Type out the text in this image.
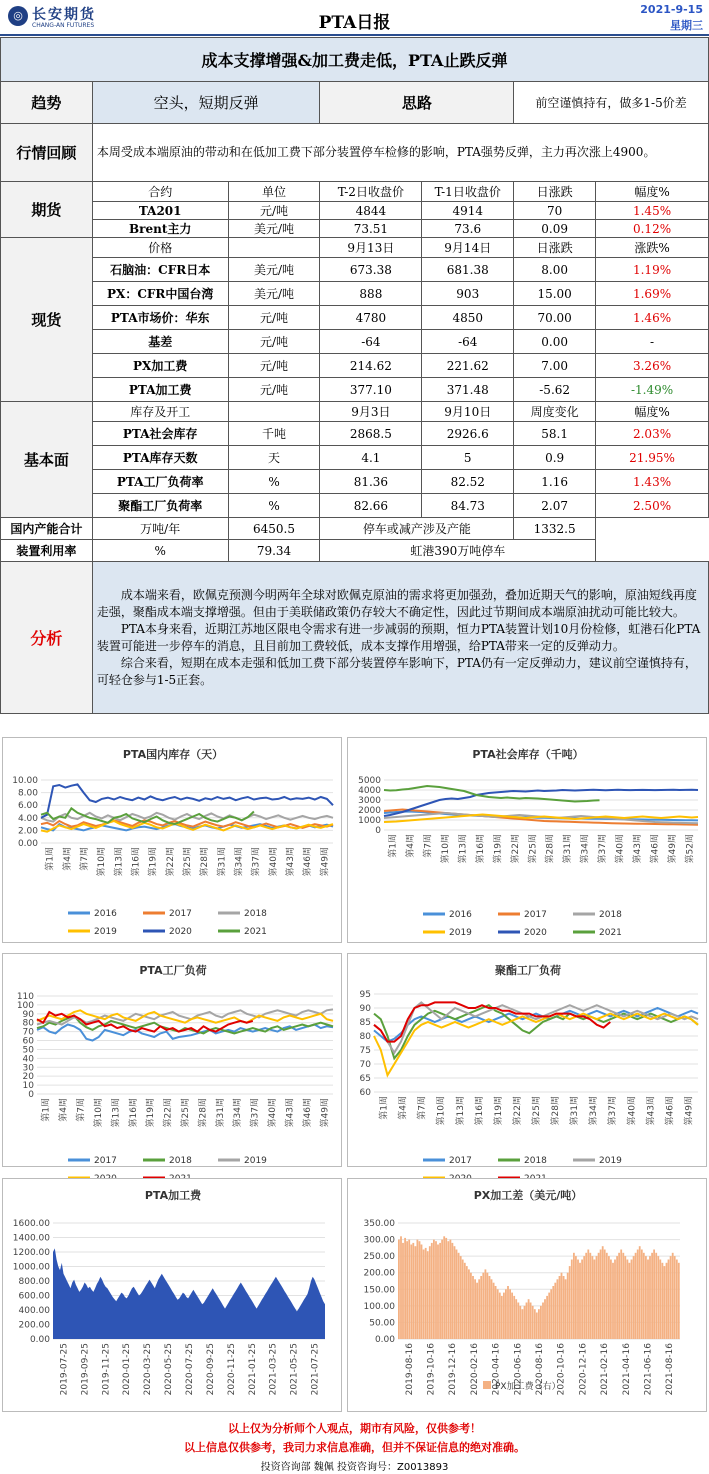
◎ 长安期货
CHANG-AN FUTURES	PTA日报
2021-9-15
星期三
成本支撑增强&加工费走低，PTA止跌反弹						
趋势	空头，短期反弹		思路		前空谨慎持有，做多1-5价差	
行情回顾	本周受成本端原油的带动和在低加工费下部分装置停车检修的影响，PTA强势反弹，主力再次涨上4900。					
期货	合约	单位	T-2日收盘价	T-1日收盘价	日涨跌	幅度%
	TA201	元/吨	4844	4914	70	1.45%
	Brent主力	美元/吨	73.51	73.6	0.09	0.12%
现货	价格		9月13日	9月14日	日涨跌	涨跌%
	石脑油：CFR日本	美元/吨	673.38	681.38	8.00	1.19%
	PX：CFR中国台湾	美元/吨	888	903	15.00	1.69%
	PTA市场价：华东	元/吨	4780	4850	70.00	1.46%
	基差	元/吨	-64	-64	0.00	-
	PX加工费	元/吨	214.62	221.62	7.00	3.26%
	PTA加工费	元/吨	377.10	371.48	-5.62	-1.49%
基本面	库存及开工		9月3日	9月10日	周度变化	幅度%
	PTA社会库存	千吨	2868.5	2926.6	58.1	2.03%
	PTA库存天数	天	4.1	5	0.9	21.95%
	PTA工厂负荷率	%	81.36	82.52	1.16	1.43%
	聚酯工厂负荷率	%	82.66	84.73	2.07	2.50%
国内产能合计	万吨/年	6450.5	停车或减产涉及产能		1332.5	
装置利用率	%	79.34	虹港390万吨停车			
分析	成本端来看，欧佩克预测今明两年全球对欧佩克原油的需求将更加强劲，叠加近期天气的影响，原油短线再度走强，聚酯成本端支撑增强。但由于美联储政策仍存较大不确定性，因此过节期间成本端原油扰动可能比较大。
PTA本身来看，近期江苏地区限电令需求有进一步减弱的预期，恒力PTA装置计划10月份检修，虹港石化PTA装置可能进一步停车的消息，且目前加工费较低，成本支撑作用增强，给PTA带来一定的反弹动力。
综合来看，短期在成本走强和低加工费下部分装置停车影响下，PTA仍有一定反弹动力，建议前空谨慎持有，可轻仓参与1-5正套。					
PTA国内库存（天）
10.00
8.00
6.00
4.00
2.00
0.00
第1周 第4周 第7周 第10周 第13周 第16周 第19周 第22周 第25周 第28周 第31周 第34周 第37周 第40周 第43周 第46周 第49周
2016	2017	2018
2019	2020	2021
PTA社会库存（千吨）
5000
4000
3000
2000
1000
0
第1周 第4周 第7周 第10周 第13周 第16周 第19周 第22周 第25周 第28周 第31周 第34周 第37周 第40周 第43周 第46周 第49周 第52周
2016	2017	2018
2019	2020	2021
PTA工厂负荷
110
100
90
80
70
60
50
40
30
20
10
0
第1周 第4周 第7周 第10周 第13周 第16周 第19周 第22周 第25周 第28周 第31周 第34周 第37周 第40周 第43周 第46周 第49周
2017	2018	2019
聚酯工厂负荷
95
90
85
80
75
70
65
60
第1周 第4周 第7周 第10周 第13周 第16周 第19周 第22周 第25周 第28周 第31周 第34周 第37周 第40周 第43周 第46周 第49周
2017	2018	2019
PTA加工费
1600.00
1400.00
1200.00
1000.00
800.00
600.00
400.00
200.00
0.00
2019-07-25 2019-09-25 2019-11-25 2020-01-25 2020-03-25 2020-05-25 2020-07-25 2020-09-25 2020-11-25 2021-01-25 2021-03-25 2021-05-25 2021-07-25
PX加工差（美元/吨）
350.00
300.00
250.00
200.00
150.00
100.00
50.00
0.00
2019-08-16 2019-10-16 2019-12-16 2020-02-16 2020-04-16 2020-06-16 2020-08-16 2020-10-16 2020-12-16 2021-02-16 2021-04-16 2021-06-16 2021-08-16
PX加工费（右）
以上仅为分析师个人观点，期市有风险，仅供参考！
以上信息仅供参考，我司力求信息准确，但并不保证信息的绝对准确。
投资咨询部 魏佩 投资咨询号：Z0013893
